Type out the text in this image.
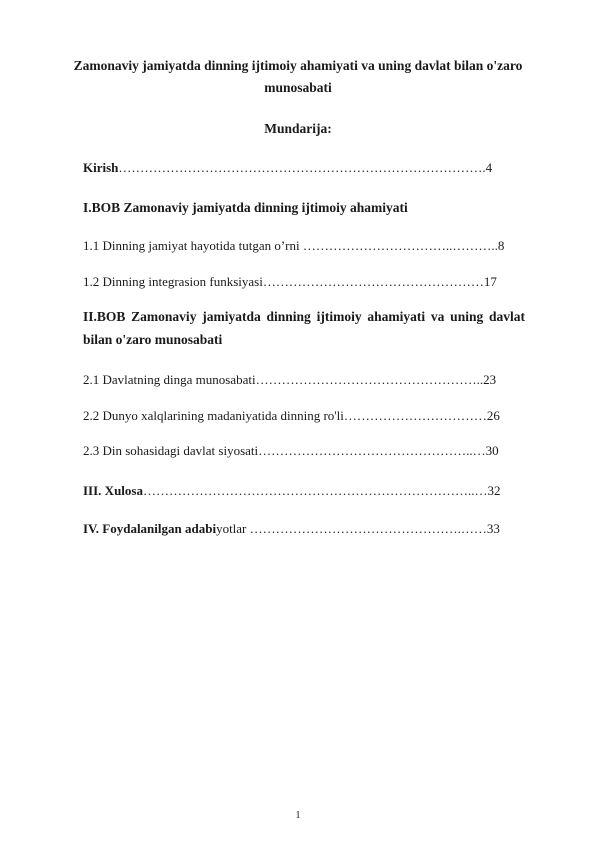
Zamonaviy jamiyatda dinning ijtimoiy ahamiyati va uning davlat bilan o'zaro munosabati
Mundarija:
Kirish………………………………………………………………………….4
I.BOB Zamonaviy jamiyatda dinning ijtimoiy ahamiyati
1.1 Dinning jamiyat hayotida tutgan o’rni ……………………………..………..8
1.2 Dinning integrasion funksiyasi……………………………………………17
II.BOB Zamonaviy jamiyatda dinning ijtimoiy ahamiyati va uning davlat bilan o'zaro munosabati
2.1 Davlatning dinga munosabati……………………………………………..23
2.2 Dunyo xalqlarining madaniyatida dinning ro'li……………………………26
2.3 Din sohasidagi davlat siyosati…………………………………………..…30
III. Xulosa…………………………………………………………………..…32
IV. Foydalanilgan adabiyotlar ………………………………………….……33
1
